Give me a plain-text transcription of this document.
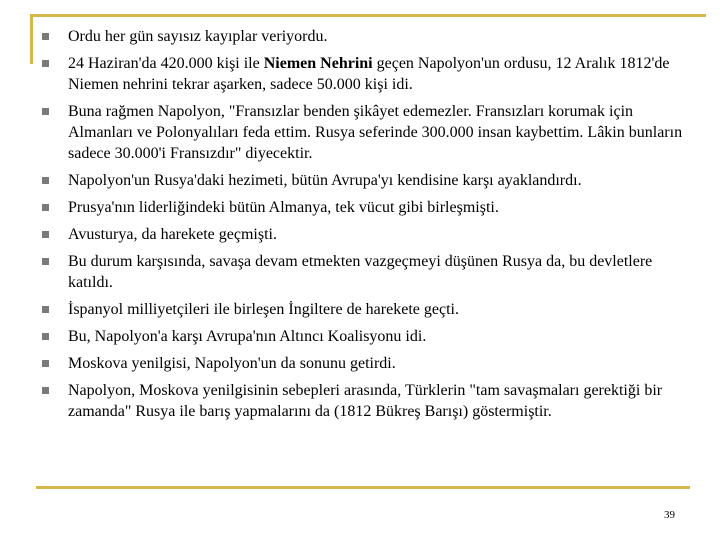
Ordu her gün sayısız kayıplar veriyordu.
24 Haziran'da 420.000 kişi ile Niemen Nehrini geçen Napolyon'un ordusu, 12 Aralık 1812'de Niemen nehrini tekrar aşarken, sadece 50.000 kişi idi.
Buna rağmen Napolyon, "Fransızlar benden şikâyet edemezler. Fransızları korumak için Almanları ve Polonyalıları feda ettim. Rusya seferinde 300.000 insan kaybettim. Lâkin bunların sadece 30.000'i Fransızdır" diyecektir.
Napolyon'un Rusya'daki hezimeti, bütün Avrupa'yı kendisine karşı ayaklandırdı.
Prusya'nın liderliğindeki bütün Almanya, tek vücut gibi birleşmişti.
Avusturya, da harekete geçmişti.
Bu durum karşısında, savaşa devam etmekten vazgeçmeyi düşünen Rusya da, bu devletlere katıldı.
İspanyol milliyetçileri ile birleşen İngiltere de harekete geçti.
Bu, Napolyon'a karşı Avrupa'nın Altıncı Koalisyonu idi.
Moskova yenilgisi, Napolyon'un da sonunu getirdi.
Napolyon, Moskova yenilgisinin sebepleri arasında, Türklerin "tam savaşmaları gerektiği bir zamanda" Rusya ile barış yapmalarını da (1812 Bükreş Barışı) göstermiştir.
39
